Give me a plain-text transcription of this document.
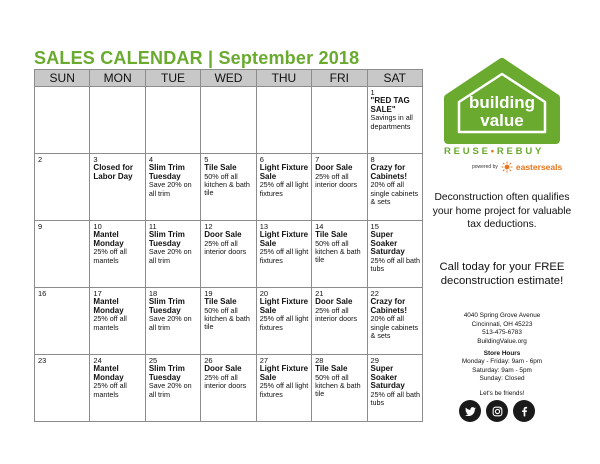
SALES CALENDAR | September 2018
SUN	MON	TUE	WED	THU	FRI	SAT

						1
"RED TAG SALE"
Savings in all departments

2	3
Closed for Labor Day	4
Slim Trim Tuesday
Save 20% on all trim	5
Tile Sale
50% off all kitchen & bath tile	6
Light Fixture Sale
25% off all light fixtures	7
Door Sale
25% off all interior doors	8
Crazy for Cabinets!
20% off all single cabinets & sets

9	10
Mantel Monday
25% off all mantels	11
Slim Trim Tuesday
Save 20% on all trim	12
Door Sale
25% off all interior doors	13
Light Fixture Sale
25% off all light fixtures	14
Tile Sale
50% off all kitchen & bath tile	15
Super Soaker Saturday
25% off all bath tubs

16	17
Mantel Monday
25% off all mantels	18
Slim Trim Tuesday
Save 20% on all trim	19
Tile Sale
50% off all kitchen & bath tile	20
Light Fixture Sale
25% off all light fixtures	21
Door Sale
25% off all interior doors	22
Crazy for Cabinets!
20% off all single cabinets & sets

23	24
Mantel Monday
25% off all mantels	25
Slim Trim Tuesday
Save 20% on all trim	26
Door Sale
25% off all interior doors	27
Light Fixture Sale
25% off all light fixtures	28
Tile Sale
50% off all kitchen & bath tile	29
Super Soaker Saturday
25% off all bath tubs
building
value
REUSE•REBUY
powered by easterseals
Deconstruction often qualifies your home project for valuable tax deductions.
Call today for your FREE deconstruction estimate!
4040 Spring Grove Avenue
Cincinnati, OH 45223
513-475-6783
BuildingValue.org
Store Hours
Monday - Friday: 9am - 6pm
Saturday: 9am - 5pm
Sunday: Closed
Let's be friends!
